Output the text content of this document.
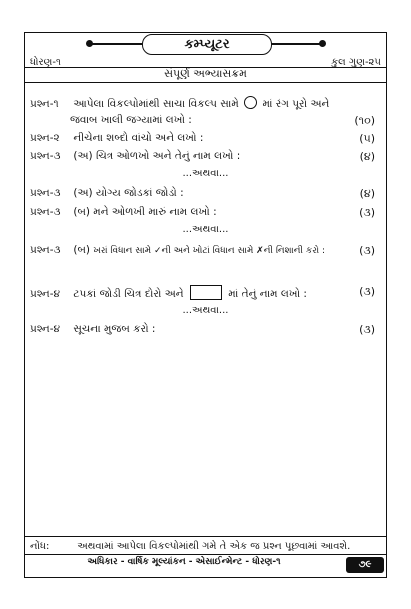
કમ્પ્યૂટર
ધોરણ-૧	કુલ ગુણ-૨૫
સંપૂર્ણ અભ્યાસક્રમ
પ્રશ્ન-૧ આપેલા વિકલ્પોમાંથી સાચા વિકલ્પ સામે માં રંગ પૂરો અને
જવાબ ખાલી જગ્યામાં લખો :	(૧૦)
પ્રશ્ન-૨ નીચેના શબ્દો વાંચો અને લખો :	(૫)
પ્રશ્ન-૩ (અ) ચિત્ર ઓળખો અને તેનું નામ લખો :	(૪)
...અથવા...
પ્રશ્ન-૩ (અ) યોગ્ય જોડકાં જોડો :	(૪)
પ્રશ્ન-૩ (બ) મને ઓળખી મારું નામ લખો :	(૩)
...અથવા...
પ્રશ્ન-૩ (બ) ખરાં વિધાન સામે ✓ની અને ખોટાં વિધાન સામે ✗ની નિશાની કરો :	(૩)
પ્રશ્ન-૪ ટપકાં જોડી ચિત્ર દોરો અને	માં તેનું નામ લખો :	(૩)
...અથવા...
પ્રશ્ન-૪ સૂચના મુજબ કરો :	(૩)
નોંધ:	અથવામાં આપેલા વિકલ્પોમાંથી ગમે તે એક જ પ્રશ્ન પૂછવામાં આવશે.
અધિકાર - વાર્ષિક મૂલ્યાંકન - એસાઈન્મેન્ટ - ધોરણ-૧	૭૯
